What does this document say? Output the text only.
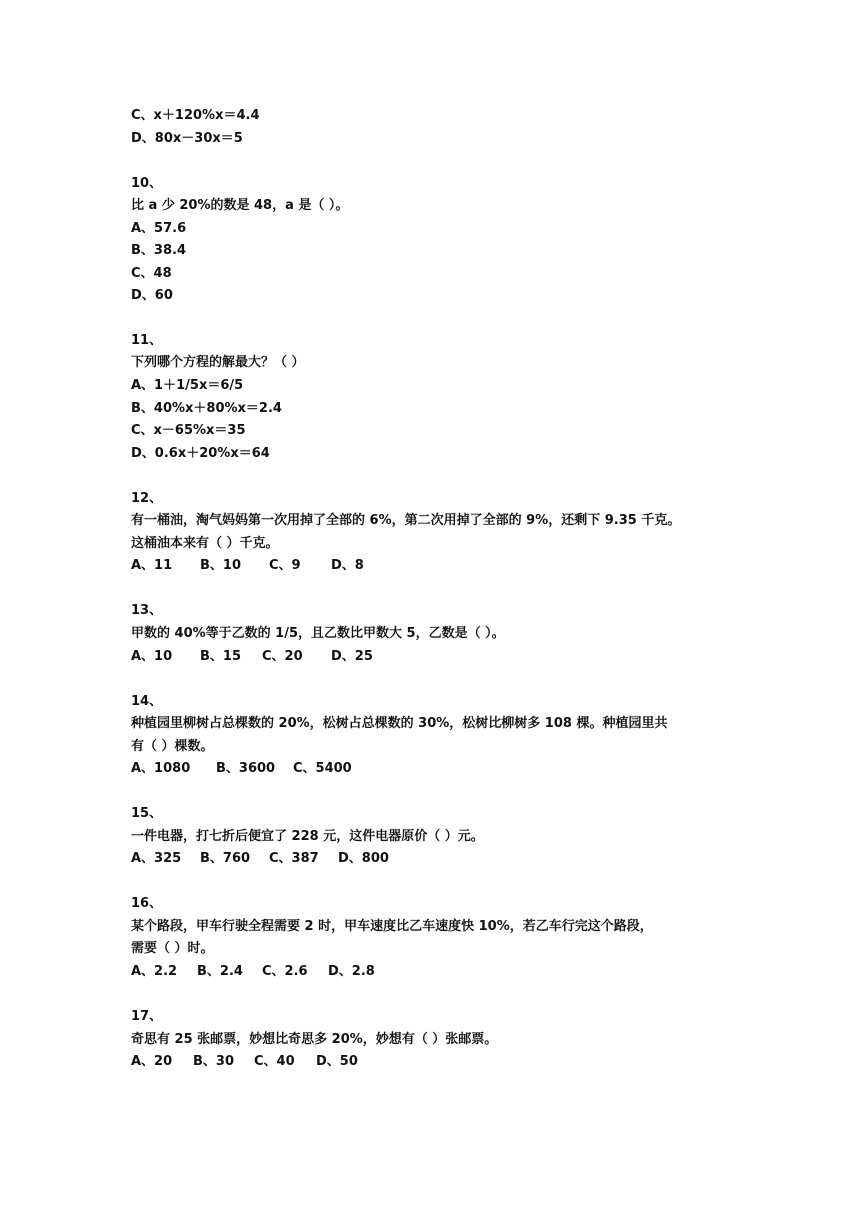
C、x＋120%x＝4.4
D、80x－30x＝5
10、
比 a 少 20%的数是 48，a 是（ ）。
A、57.6
B、38.4
C、48
D、60
11、
下列哪个方程的解最大？（ ）
A、1＋1/5x＝6/5
B、40%x＋80%x＝2.4
C、x－65%x＝35
D、0.6x＋20%x＝64
12、
有一桶油，淘气妈妈第一次用掉了全部的 6%，第二次用掉了全部的 9%，还剩下 9.35 千克。
这桶油本来有（ ）千克。
A、11 B、10 C、9 D、8
13、
甲数的 40%等于乙数的 1/5，且乙数比甲数大 5，乙数是（ ）。
A、10 B、15 C、20 D、25
14、
种植园里柳树占总棵数的 20%，松树占总棵数的 30%，松树比柳树多 108 棵。种植园里共
有（ ）棵数。
A、1080 B、3600 C、5400
15、
一件电器，打七折后便宜了 228 元，这件电器原价（ ）元。
A、325 B、760 C、387 D、800
16、
某个路段，甲车行驶全程需要 2 时，甲车速度比乙车速度快 10%，若乙车行完这个路段，
需要（ ）时。
A、2.2 B、2.4 C、2.6 D、2.8
17、
奇思有 25 张邮票，妙想比奇思多 20%，妙想有（ ）张邮票。
A、20 B、30 C、40 D、50
